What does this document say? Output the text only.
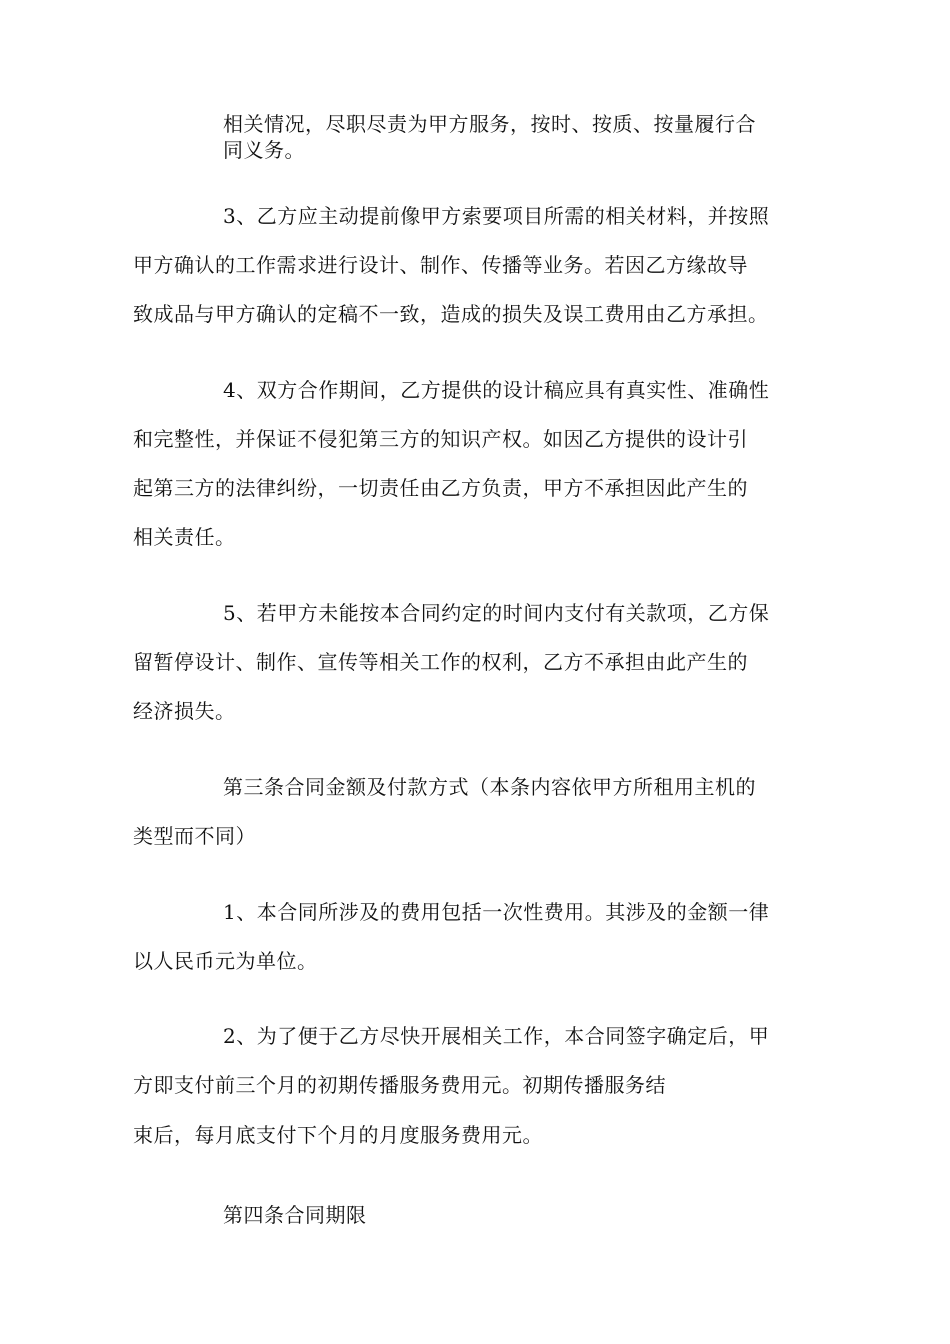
相关情况，尽职尽责为甲方服务，按时、按质、按量履行合
同义务。
3、乙方应主动提前像甲方索要项目所需的相关材料，并按照
甲方确认的工作需求进行设计、制作、传播等业务。若因乙方缘故导
致成品与甲方确认的定稿不一致，造成的损失及误工费用由乙方承担。
4、双方合作期间，乙方提供的设计稿应具有真实性、准确性
和完整性，并保证不侵犯第三方的知识产权。如因乙方提供的设计引
起第三方的法律纠纷，一切责任由乙方负责，甲方不承担因此产生的
相关责任。
5、若甲方未能按本合同约定的时间内支付有关款项，乙方保
留暂停设计、制作、宣传等相关工作的权利，乙方不承担由此产生的
经济损失。
第三条合同金额及付款方式（本条内容依甲方所租用主机的
类型而不同）
1、本合同所涉及的费用包括一次性费用。其涉及的金额一律
以人民币元为单位。
2、为了便于乙方尽快开展相关工作，本合同签字确定后，甲
方即支付前三个月的初期传播服务费用元。初期传播服务结
束后，每月底支付下个月的月度服务费用元。
第四条合同期限
